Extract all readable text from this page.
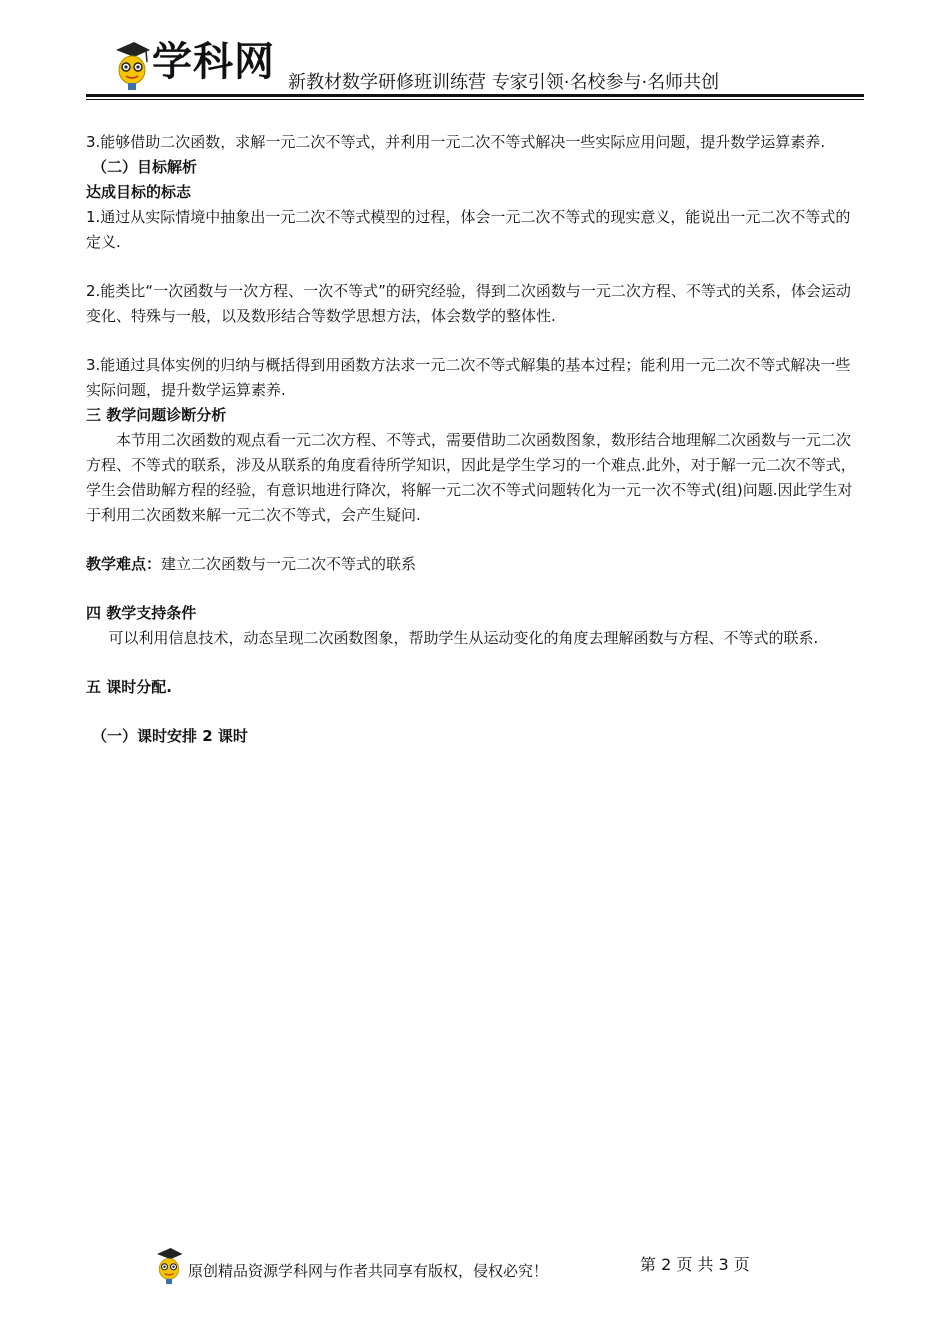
学科网 新教材数学研修班训练营 专家引领·名校参与·名师共创

3.能够借助二次函数，求解一元二次不等式，并利用一元二次不等式解决一些实际应用问题，提升数学运算素养.

（二）目标解析

达成目标的标志

1.通过从实际情境中抽象出一元二次不等式模型的过程，体会一元二次不等式的现实意义，能说出一元二次不等式的定义.

2.能类比“一次函数与一次方程、一次不等式”的研究经验，得到二次函数与一元二次方程、不等式的关系，体会运动变化、特殊与一般，以及数形结合等数学思想方法，体会数学的整体性.

3.能通过具体实例的归纳与概括得到用函数方法求一元二次不等式解集的基本过程；能利用一元二次不等式解决一些实际问题，提升数学运算素养.

三 教学问题诊断分析

本节用二次函数的观点看一元二次方程、不等式，需要借助二次函数图象，数形结合地理解二次函数与一元二次方程、不等式的联系，涉及从联系的角度看待所学知识，因此是学生学习的一个难点.此外，对于解一元二次不等式，学生会借助解方程的经验，有意识地进行降次，将解一元二次不等式问题转化为一元一次不等式(组)问题.因此学生对于利用二次函数来解一元二次不等式，会产生疑问.

教学难点：建立二次函数与一元二次不等式的联系

四 教学支持条件

可以利用信息技术，动态呈现二次函数图象，帮助学生从运动变化的角度去理解函数与方程、不等式的联系.

五 课时分配.

（一）课时安排 2 课时

原创精品资源学科网与作者共同享有版权，侵权必究！	第 2 页 共 3 页
